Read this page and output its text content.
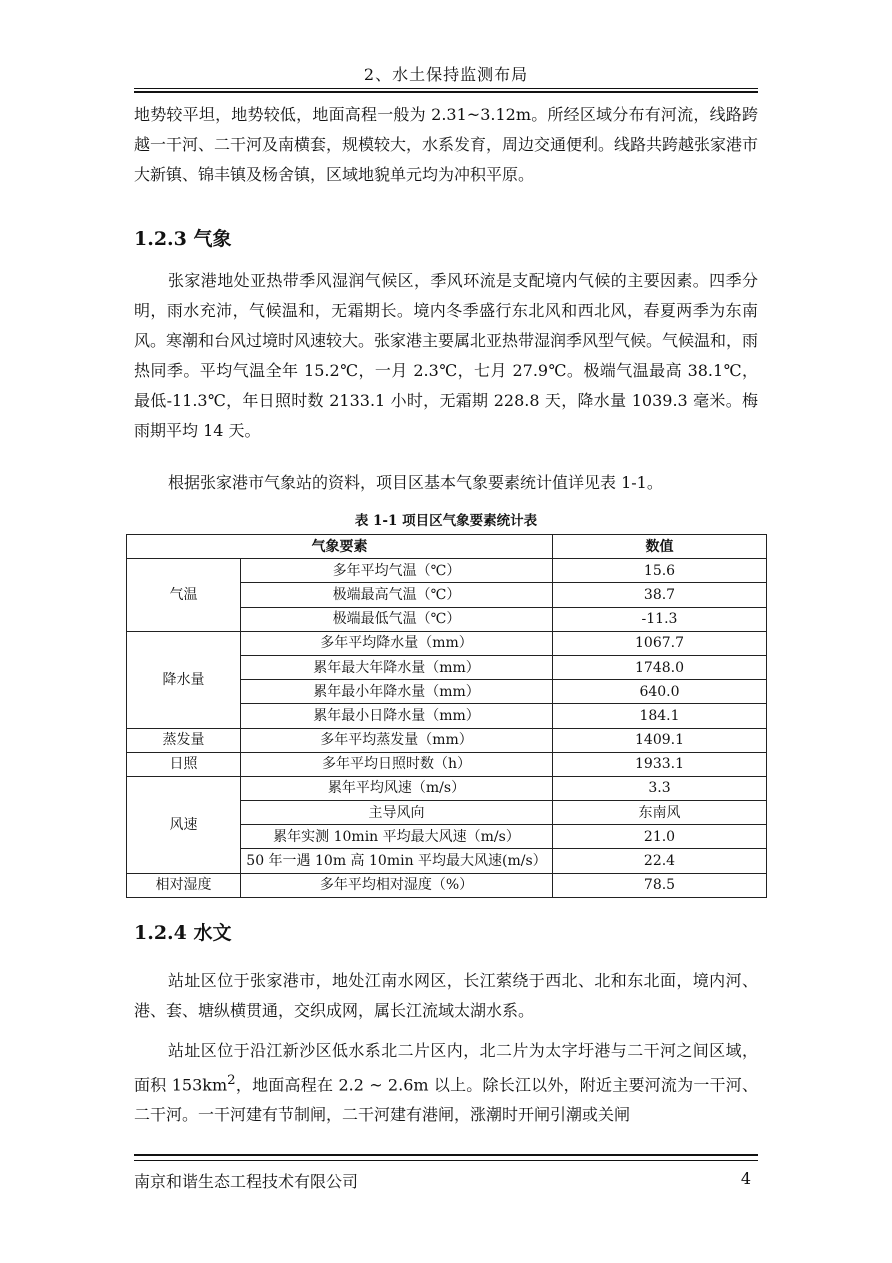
2、水土保持监测布局

地势较平坦，地势较低，地面高程一般为 2.31~3.12m。所经区域分布有河流，线路跨越一干河、二干河及南横套，规模较大，水系发育，周边交通便利。线路共跨越张家港市大新镇、锦丰镇及杨舍镇，区域地貌单元均为冲积平原。

1.2.3 气象

张家港地处亚热带季风湿润气候区，季风环流是支配境内气候的主要因素。四季分明，雨水充沛，气候温和，无霜期长。境内冬季盛行东北风和西北风，春夏两季为东南风。寒潮和台风过境时风速较大。张家港主要属北亚热带湿润季风型气候。气候温和，雨热同季。平均气温全年 15.2℃，一月 2.3℃，七月 27.9℃。极端气温最高 38.1℃，最低-11.3℃，年日照时数 2133.1 小时，无霜期 228.8 天，降水量 1039.3 毫米。梅雨期平均 14 天。

根据张家港市气象站的资料，项目区基本气象要素统计值详见表 1-1。

表 1-1 项目区气象要素统计表
气象要素		数值
气温	多年平均气温（℃）	15.6
	极端最高气温（℃）	38.7
	极端最低气温（℃）	-11.3
降水量	多年平均降水量（mm）	1067.7
	累年最大年降水量（mm）	1748.0
	累年最小年降水量（mm）	640.0
	累年最小日降水量（mm）	184.1
蒸发量	多年平均蒸发量（mm）	1409.1
日照	多年平均日照时数（h）	1933.1
风速	累年平均风速（m/s）	3.3
	主导风向	东南风
	累年实测 10min 平均最大风速（m/s）	21.0
	50 年一遇 10m 高 10min 平均最大风速(m/s）	22.4
相对湿度	多年平均相对湿度（%）	78.5
1.2.4 水文

站址区位于张家港市，地处江南水网区，长江萦绕于西北、北和东北面，境内河、港、套、塘纵横贯通，交织成网，属长江流域太湖水系。

站址区位于沿江新沙区低水系北二片区内，北二片为太字圩港与二干河之间区域，面积 $153km^2$，地面高程在 2.2 ~ 2.6m 以上。除长江以外，附近主要河流为一干河、二干河。一干河建有节制闸，二干河建有港闸，涨潮时开闸引潮或关闸

南京和谐生态工程技术有限公司	4
